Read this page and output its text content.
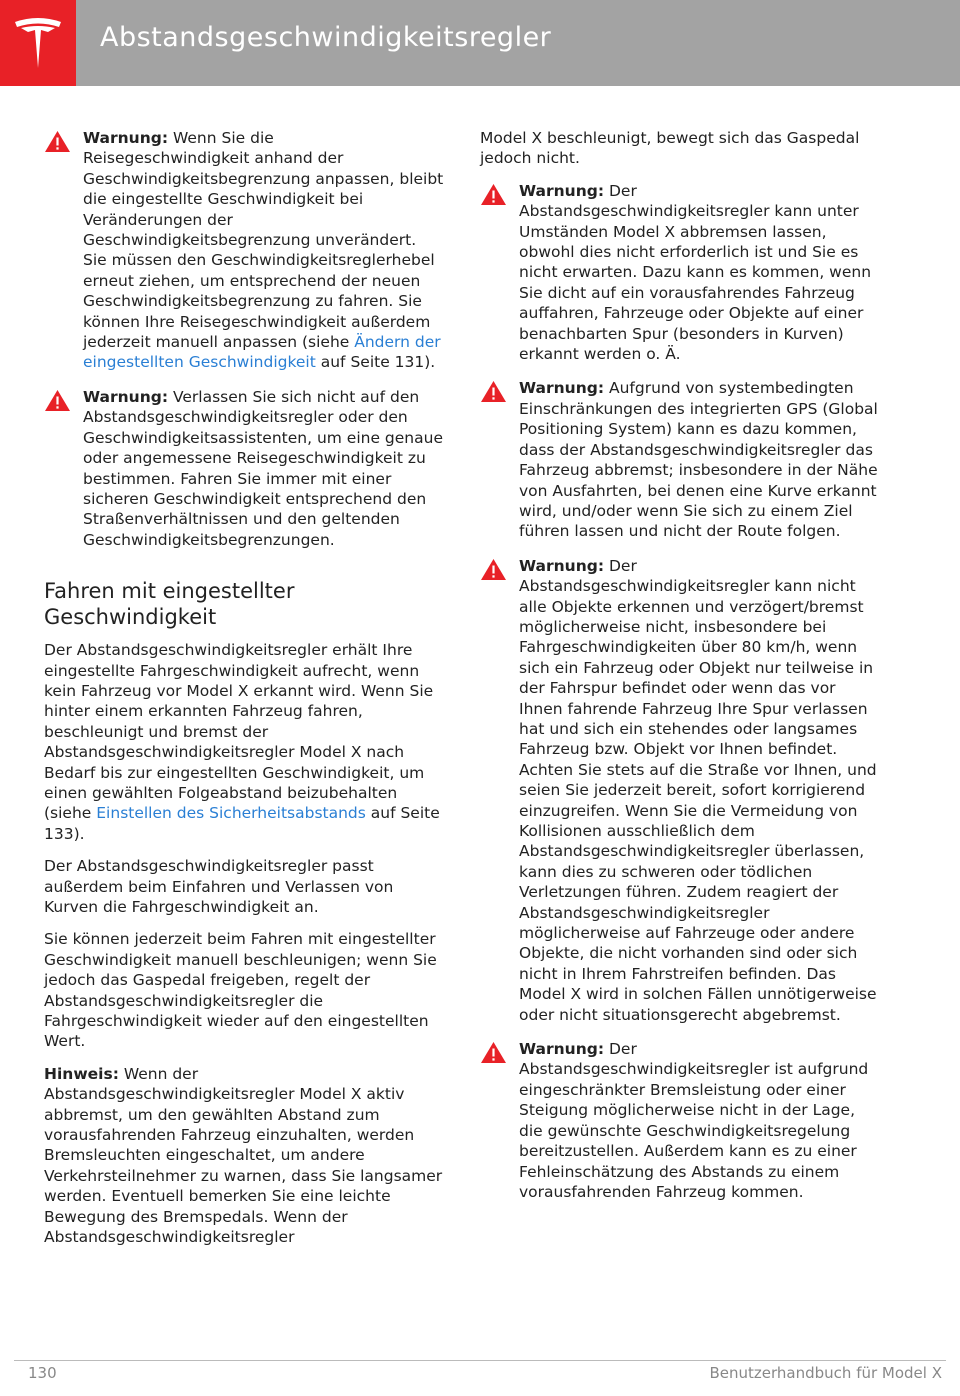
Abstandsgeschwindigkeitsregler
Warnung: Wenn Sie die Reisegeschwindigkeit anhand der Geschwindigkeitsbegrenzung anpassen, bleibt die eingestellte Geschwindigkeit bei Veränderungen der Geschwindigkeitsbegrenzung unverändert. Sie müssen den Geschwindigkeitsreglerhebel erneut ziehen, um entsprechend der neuen Geschwindigkeitsbegrenzung zu fahren. Sie können Ihre Reisegeschwindigkeit außerdem jederzeit manuell anpassen (siehe Ändern der eingestellten Geschwindigkeit auf Seite 131).
Warnung: Verlassen Sie sich nicht auf den Abstandsgeschwindigkeitsregler oder den Geschwindigkeitsassistenten, um eine genaue oder angemessene Reisegeschwindigkeit zu bestimmen. Fahren Sie immer mit einer sicheren Geschwindigkeit entsprechend den Straßenverhältnissen und den geltenden Geschwindigkeitsbegrenzungen.
Fahren mit eingestellter Geschwindigkeit

Der Abstandsgeschwindigkeitsregler erhält Ihre eingestellte Fahrgeschwindigkeit aufrecht, wenn kein Fahrzeug vor Model X erkannt wird. Wenn Sie hinter einem erkannten Fahrzeug fahren, beschleunigt und bremst der Abstandsgeschwindigkeitsregler Model X nach Bedarf bis zur eingestellten Geschwindigkeit, um einen gewählten Folgeabstand beizubehalten (siehe Einstellen des Sicherheitsabstands auf Seite 133).

Der Abstandsgeschwindigkeitsregler passt außerdem beim Einfahren und Verlassen von Kurven die Fahrgeschwindigkeit an.

Sie können jederzeit beim Fahren mit eingestellter Geschwindigkeit manuell beschleunigen; wenn Sie jedoch das Gaspedal freigeben, regelt der Abstandsgeschwindigkeitsregler die Fahrgeschwindigkeit wieder auf den eingestellten Wert.

Hinweis: Wenn der Abstandsgeschwindigkeitsregler Model X aktiv abbremst, um den gewählten Abstand zum vorausfahrenden Fahrzeug einzuhalten, werden Bremsleuchten eingeschaltet, um andere Verkehrsteilnehmer zu warnen, dass Sie langsamer werden. Eventuell bemerken Sie eine leichte Bewegung des Bremspedals. Wenn der Abstandsgeschwindigkeitsregler

Model X beschleunigt, bewegt sich das Gaspedal jedoch nicht.

Warnung: Der Abstandsgeschwindigkeitsregler kann unter Umständen Model X abbremsen lassen, obwohl dies nicht erforderlich ist und Sie es nicht erwarten. Dazu kann es kommen, wenn Sie dicht auf ein vorausfahrendes Fahrzeug auffahren, Fahrzeuge oder Objekte auf einer benachbarten Spur (besonders in Kurven) erkannt werden o. Ä.
Warnung: Aufgrund von systembedingten Einschränkungen des integrierten GPS (Global Positioning System) kann es dazu kommen, dass der Abstandsgeschwindigkeitsregler das Fahrzeug abbremst; insbesondere in der Nähe von Ausfahrten, bei denen eine Kurve erkannt wird, und/oder wenn Sie sich zu einem Ziel führen lassen und nicht der Route folgen.
Warnung: Der Abstandsgeschwindigkeitsregler kann nicht alle Objekte erkennen und verzögert/bremst möglicherweise nicht, insbesondere bei Fahrgeschwindigkeiten über 80 km/h, wenn sich ein Fahrzeug oder Objekt nur teilweise in der Fahrspur befindet oder wenn das vor Ihnen fahrende Fahrzeug Ihre Spur verlassen hat und sich ein stehendes oder langsames Fahrzeug bzw. Objekt vor Ihnen befindet. Achten Sie stets auf die Straße vor Ihnen, und seien Sie jederzeit bereit, sofort korrigierend einzugreifen. Wenn Sie die Vermeidung von Kollisionen ausschließlich dem Abstandsgeschwindigkeitsregler überlassen, kann dies zu schweren oder tödlichen Verletzungen führen. Zudem reagiert der Abstandsgeschwindigkeitsregler möglicherweise auf Fahrzeuge oder andere Objekte, die nicht vorhanden sind oder sich nicht in Ihrem Fahrstreifen befinden. Das Model X wird in solchen Fällen unnötigerweise oder nicht situationsgerecht abgebremst.
Warnung: Der Abstandsgeschwindigkeitsregler ist aufgrund eingeschränkter Bremsleistung oder einer Steigung möglicherweise nicht in der Lage, die gewünschte Geschwindigkeitsregelung bereitzustellen. Außerdem kann es zu einer Fehleinschätzung des Abstands zu einem vorausfahrenden Fahrzeug kommen.
130	Benutzerhandbuch für Model X
